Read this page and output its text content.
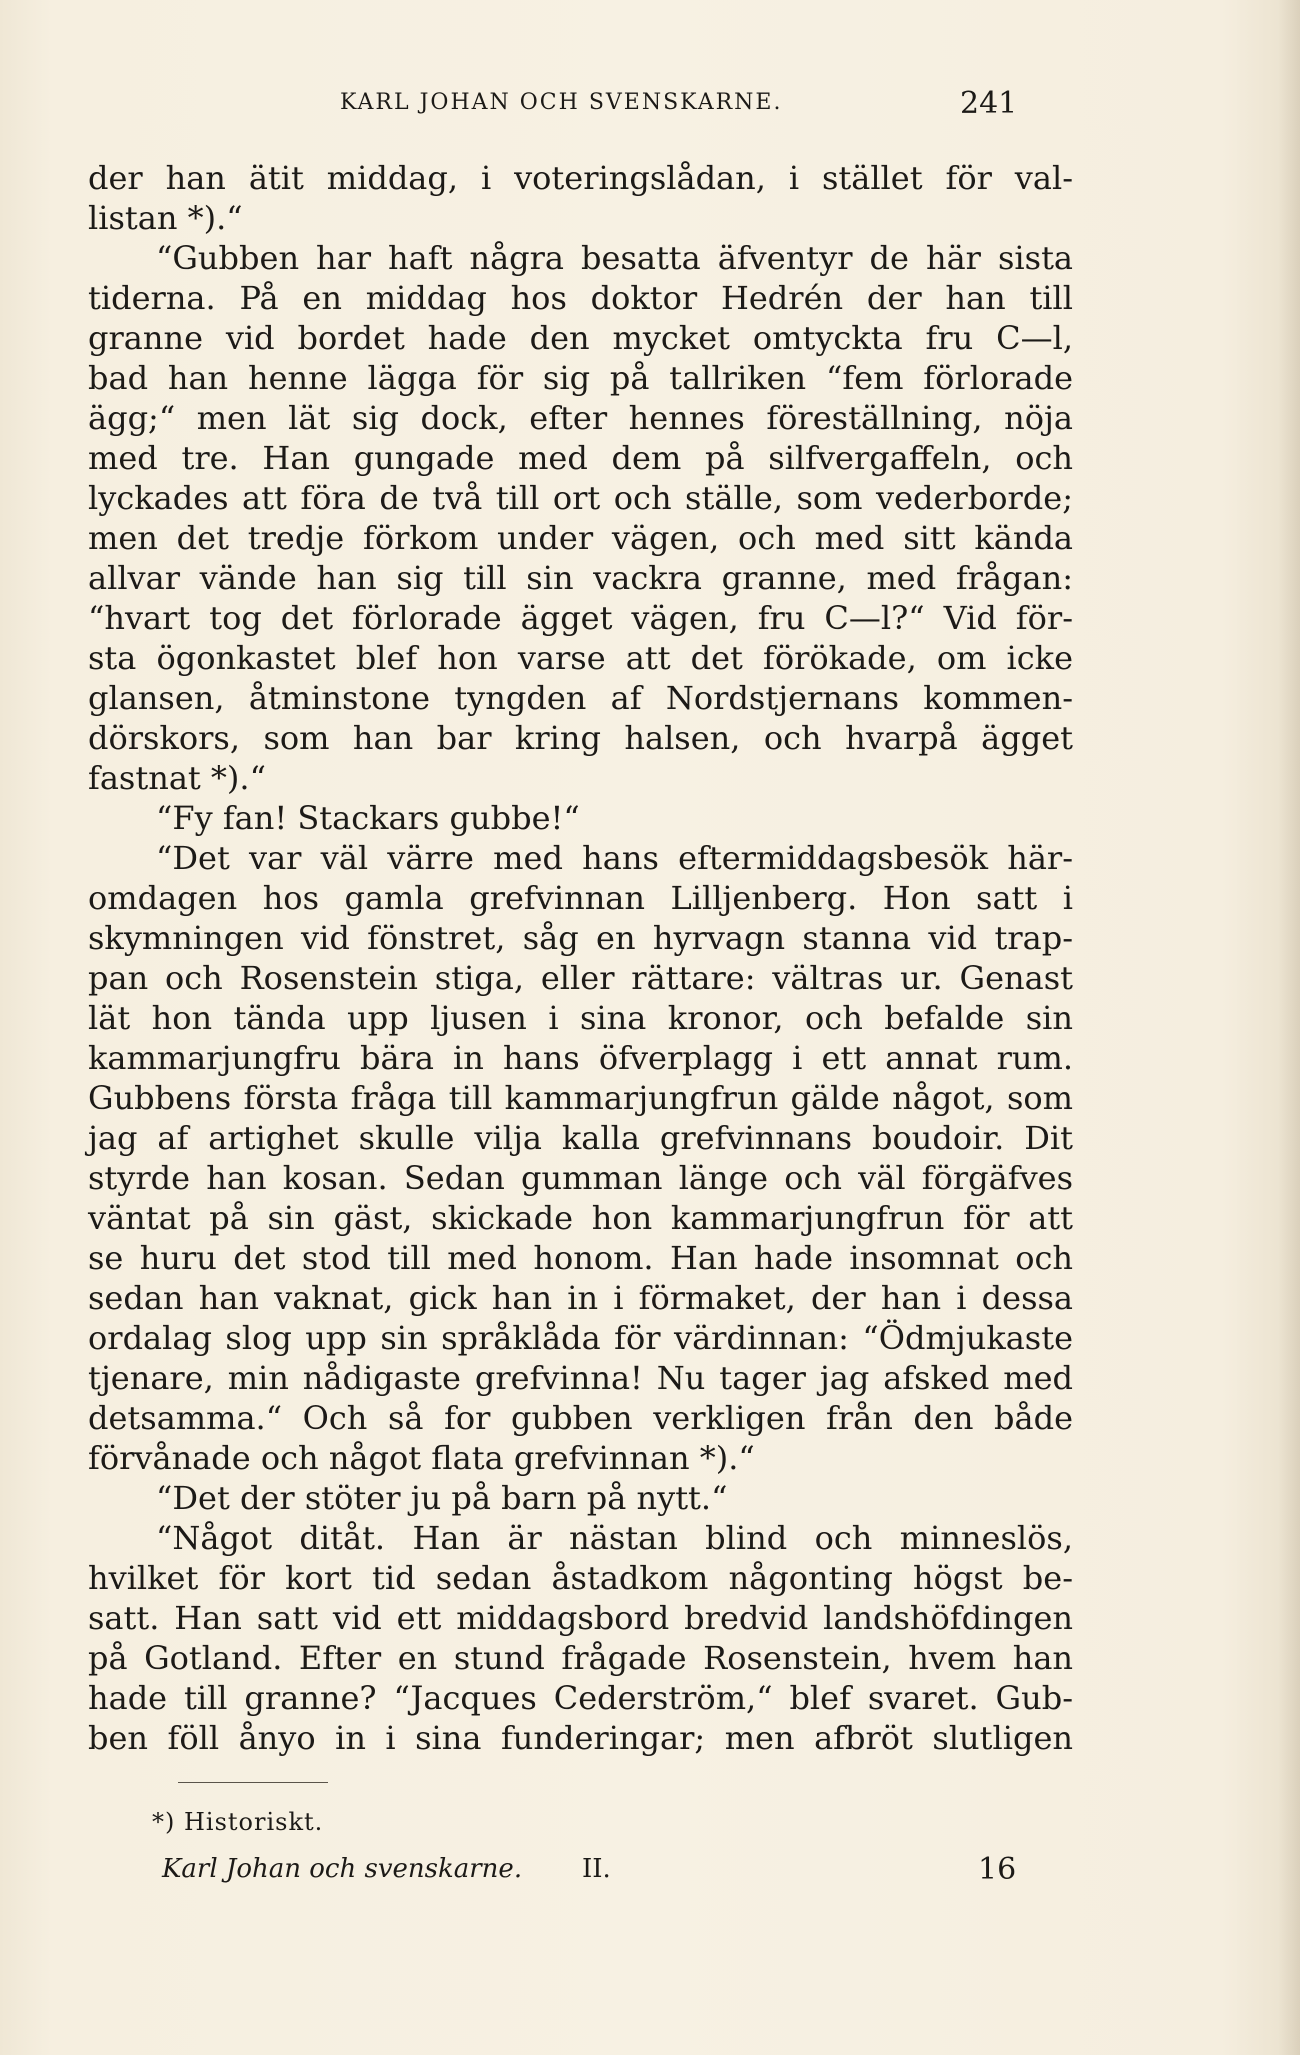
KARL JOHAN OCH SVENSKARNE.	241
der han ätit middag, i voteringslådan, i stället för val-
listan *).“
“Gubben har haft några besatta äfventyr de här sista
tiderna. På en middag hos doktor Hedrén der han till
granne vid bordet hade den mycket omtyckta fru C—l,
bad han henne lägga för sig på tallriken “fem förlorade
ägg;“ men lät sig dock, efter hennes föreställning, nöja
med tre. Han gungade med dem på silfvergaffeln, och
lyckades att föra de två till ort och ställe, som vederborde;
men det tredje förkom under vägen, och med sitt kända
allvar vände han sig till sin vackra granne, med frågan:
“hvart tog det förlorade ägget vägen, fru C—l?“ Vid för-
sta ögonkastet blef hon varse att det förökade, om icke
glansen, åtminstone tyngden af Nordstjernans kommen-
dörskors, som han bar kring halsen, och hvarpå ägget
fastnat *).“
“Fy fan! Stackars gubbe!“
“Det var väl värre med hans eftermiddagsbesök här-
omdagen hos gamla grefvinnan Lilljenberg. Hon satt i
skymningen vid fönstret, såg en hyrvagn stanna vid trap-
pan och Rosenstein stiga, eller rättare: vältras ur. Genast
lät hon tända upp ljusen i sina kronor, och befalde sin
kammarjungfru bära in hans öfverplagg i ett annat rum.
Gubbens första fråga till kammarjungfrun gälde något, som
jag af artighet skulle vilja kalla grefvinnans boudoir. Dit
styrde han kosan. Sedan gumman länge och väl förgäfves
väntat på sin gäst, skickade hon kammarjungfrun för att
se huru det stod till med honom. Han hade insomnat och
sedan han vaknat, gick han in i förmaket, der han i dessa
ordalag slog upp sin språklåda för värdinnan: “Ödmjukaste
tjenare, min nådigaste grefvinna! Nu tager jag afsked med
detsamma.“ Och så for gubben verkligen från den både
förvånade och något flata grefvinnan *).“
“Det der stöter ju på barn på nytt.“
“Något ditåt. Han är nästan blind och minneslös,
hvilket för kort tid sedan åstadkom någonting högst be-
satt. Han satt vid ett middagsbord bredvid landshöfdingen
på Gotland. Efter en stund frågade Rosenstein, hvem han
hade till granne? “Jacques Cederström,“ blef svaret. Gub-
ben föll ånyo in i sina funderingar; men afbröt slutligen
*) Historiskt.
Karl Johan och svenskarne. II.	16
